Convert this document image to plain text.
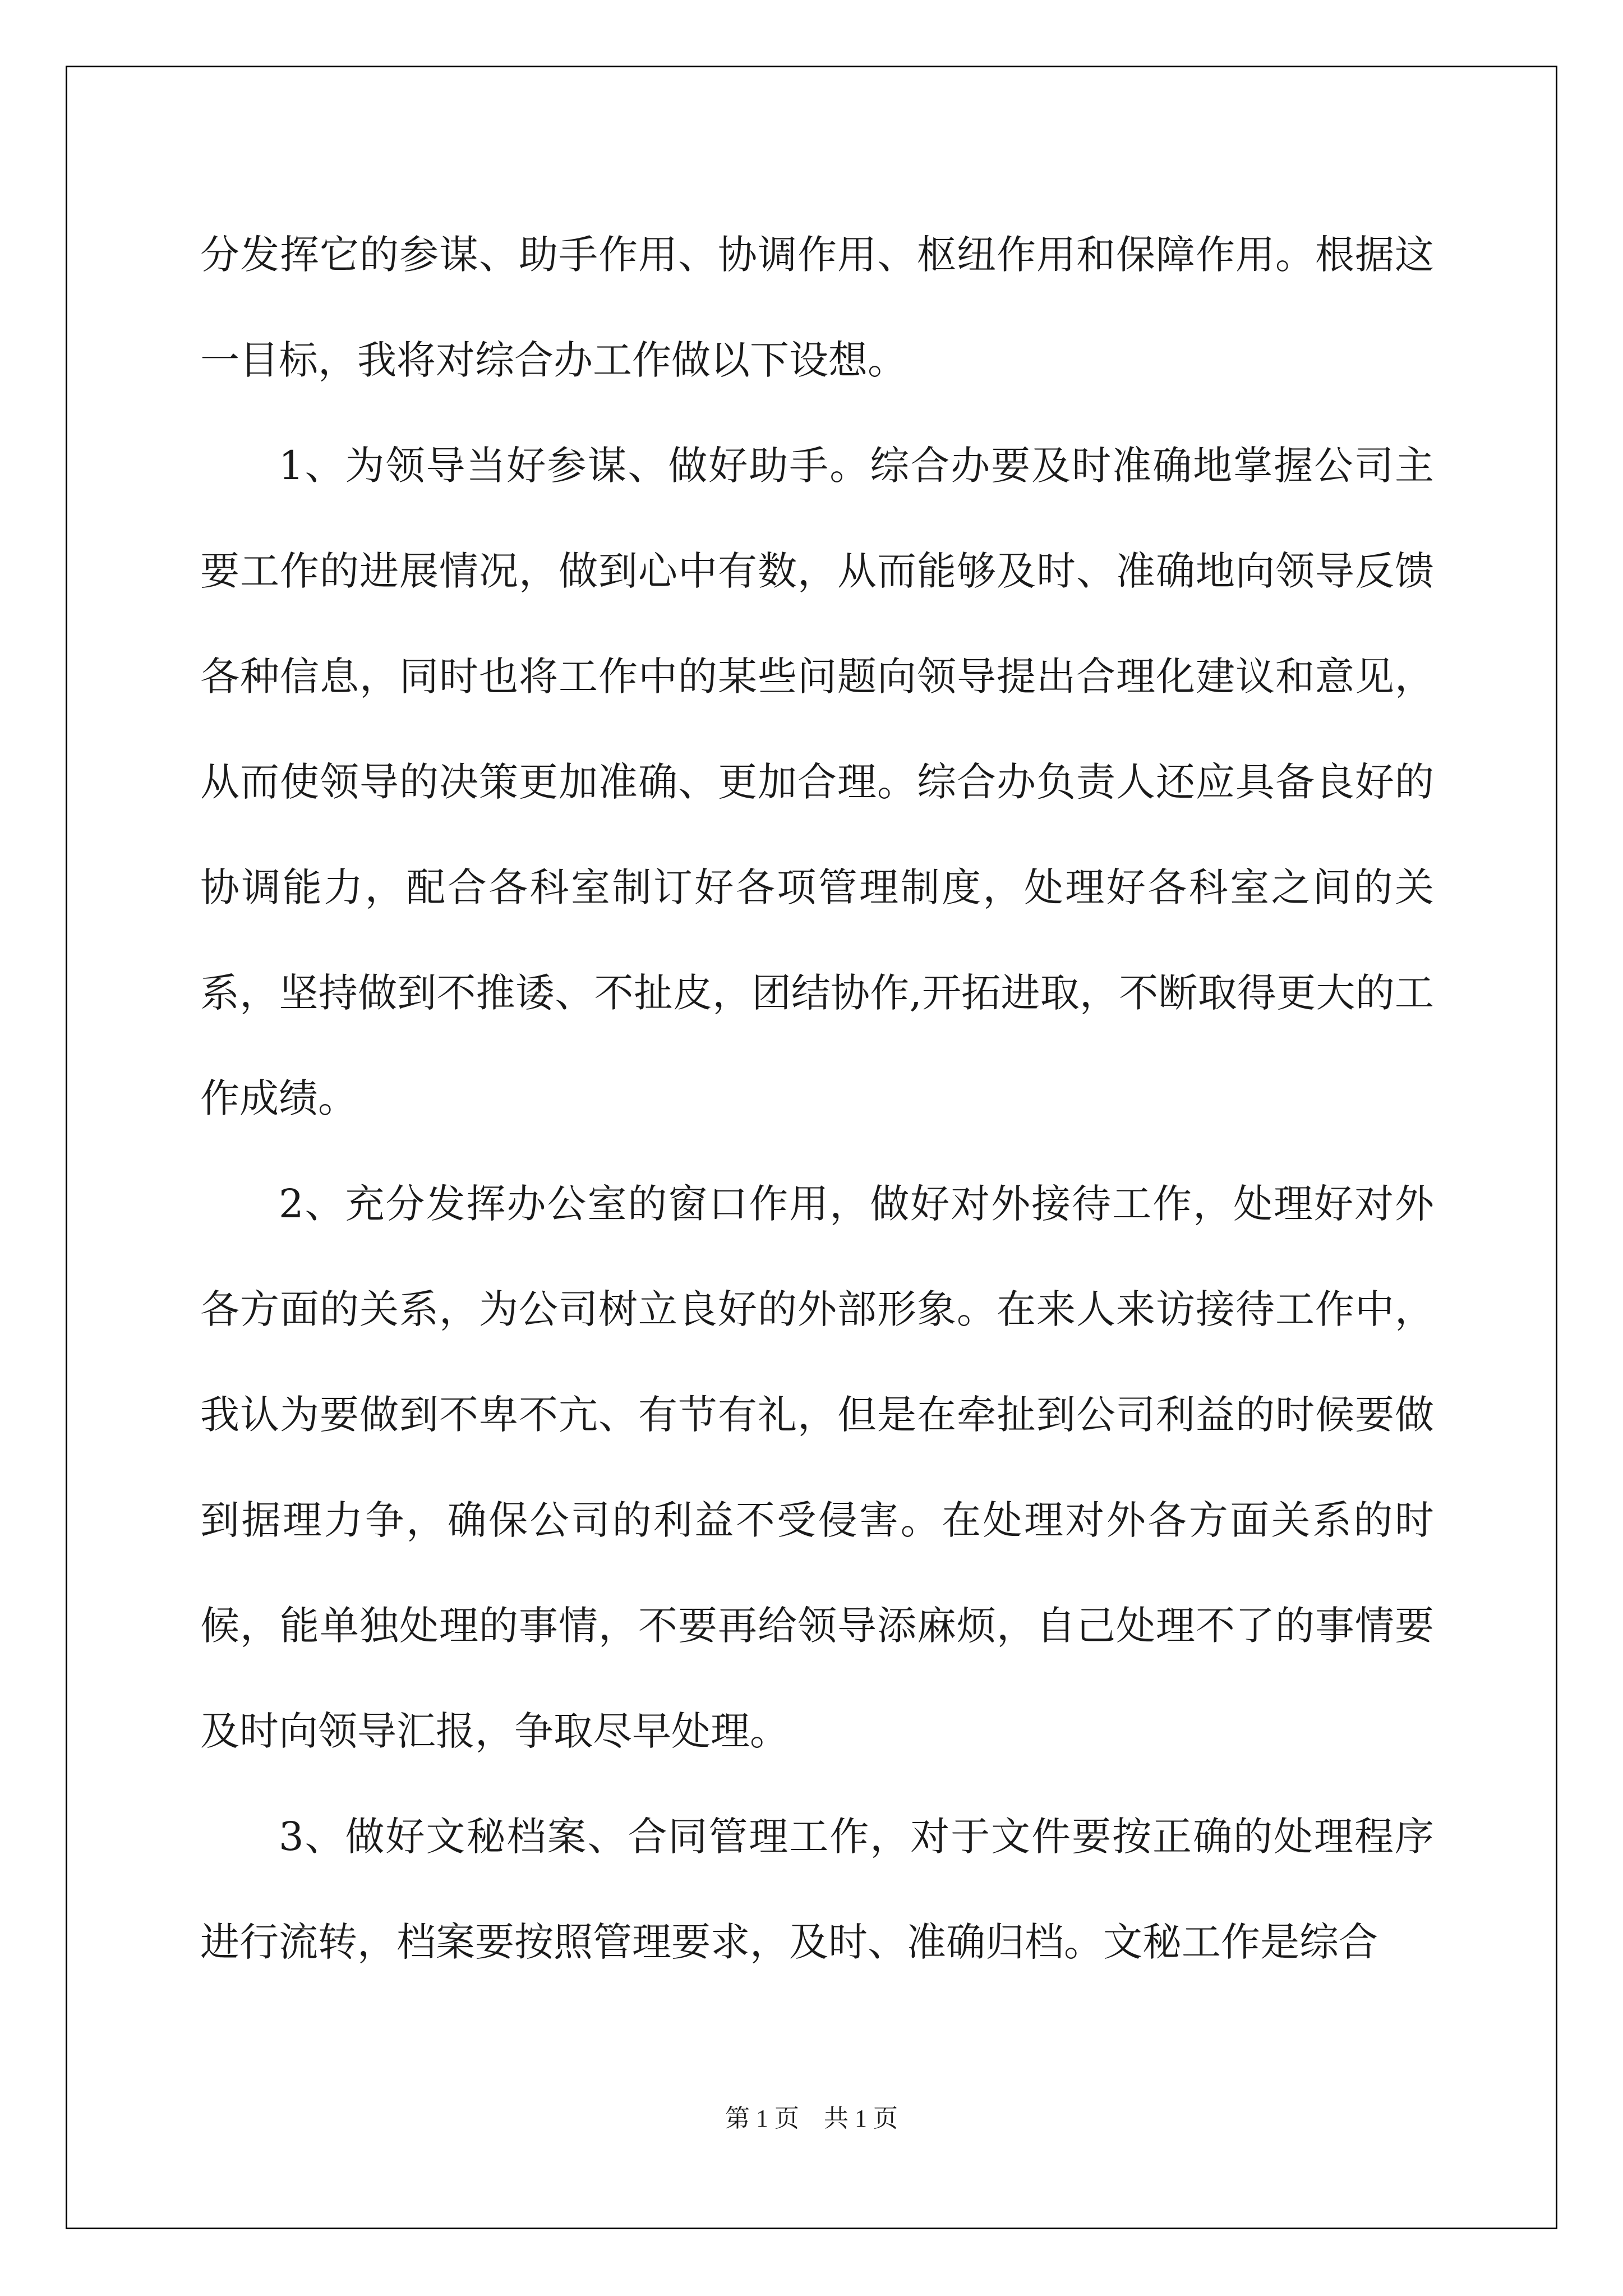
分发挥它的参谋、助手作用、协调作用、枢纽作用和保障作用。根据这一目标，我将对综合办工作做以下设想。

1、为领导当好参谋、做好助手。综合办要及时准确地掌握公司主要工作的进展情况，做到心中有数，从而能够及时、准确地向领导反馈各种信息，同时也将工作中的某些问题向领导提出合理化建议和意见，从而使领导的决策更加准确、更加合理。综合办负责人还应具备良好的协调能力，配合各科室制订好各项管理制度，处理好各科室之间的关系，坚持做到不推诿、不扯皮，团结协作,开拓进取，不断取得更大的工作成绩。

2、充分发挥办公室的窗口作用，做好对外接待工作，处理好对外各方面的关系，为公司树立良好的外部形象。在来人来访接待工作中，我认为要做到不卑不亢、有节有礼，但是在牵扯到公司利益的时候要做到据理力争，确保公司的利益不受侵害。在处理对外各方面关系的时候，能单独处理的事情，不要再给领导添麻烦，自己处理不了的事情要及时向领导汇报，争取尽早处理。

3、做好文秘档案、合同管理工作，对于文件要按正确的处理程序进行流转，档案要按照管理要求，及时、准确归档。文秘工作是综合

第 1 页　共 1 页
